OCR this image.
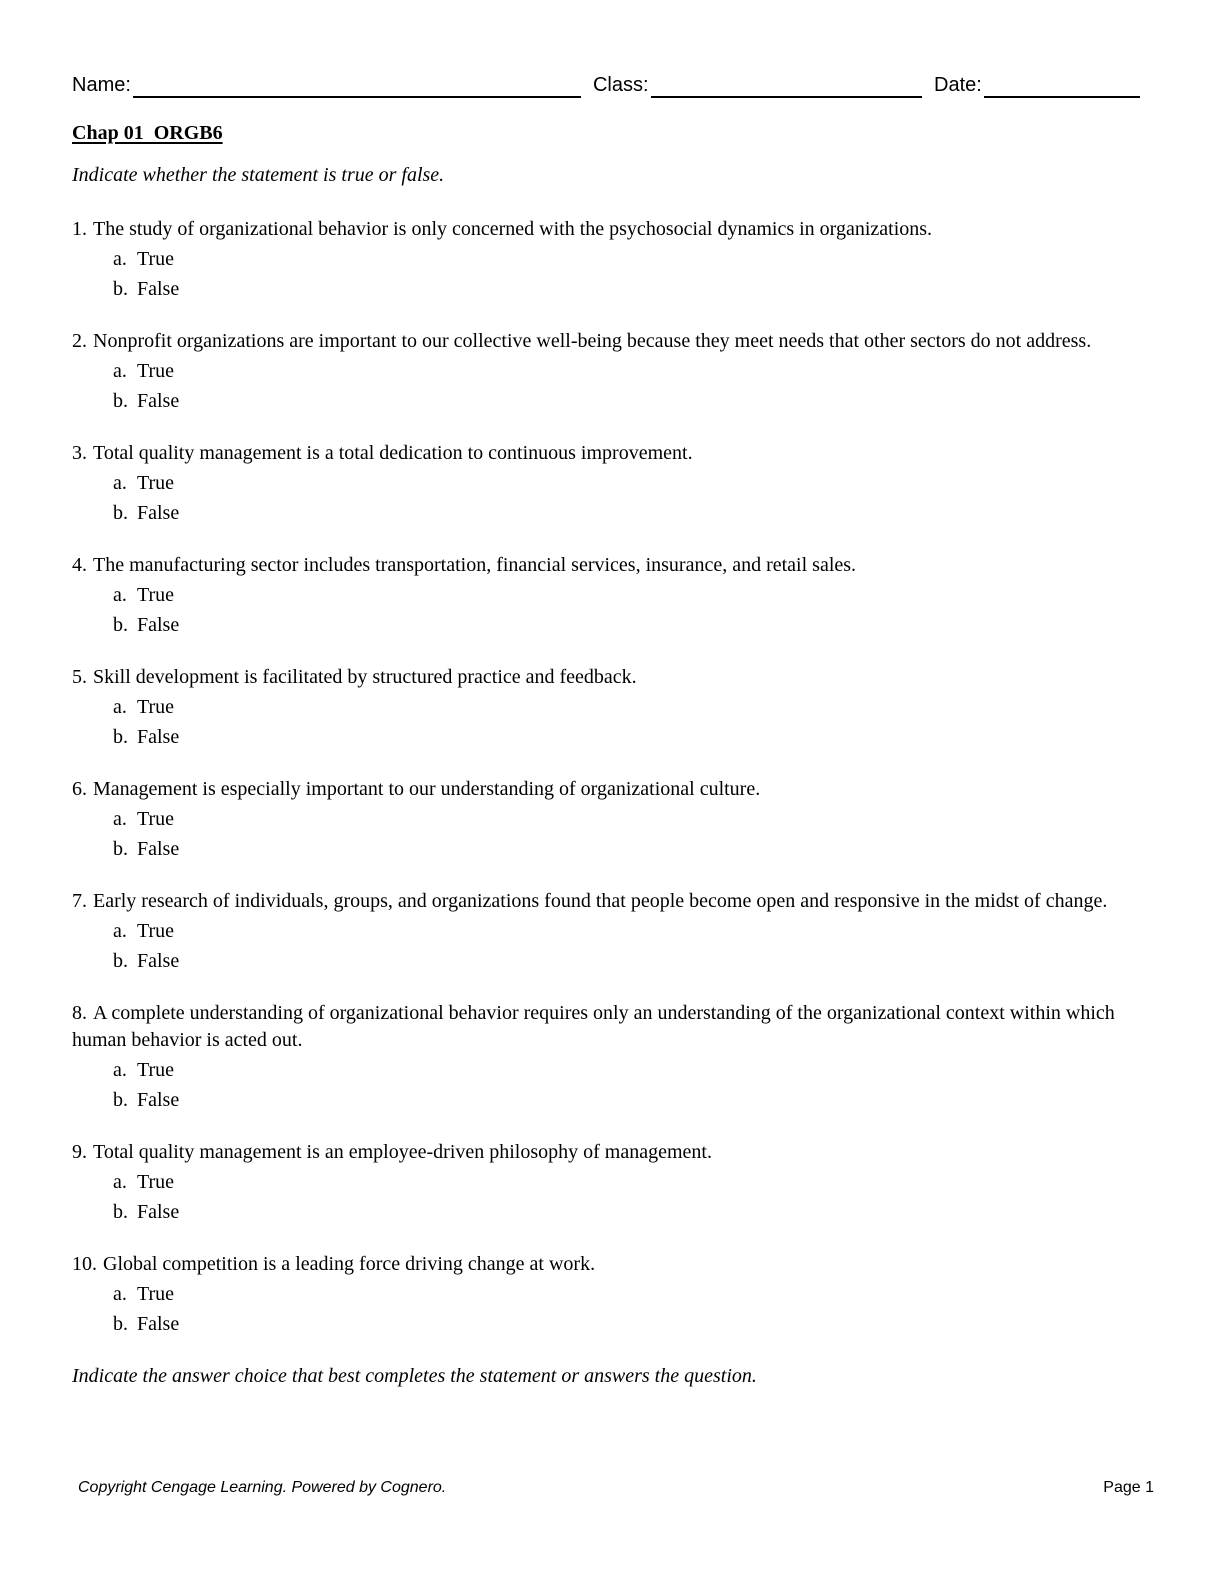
Name:	Class:	Date:
Chap 01  ORGB6

Indicate whether the statement is true or false.

1. The study of organizational behavior is only concerned with the psychosocial dynamics in organizations.

a. True

b. False

2. Nonprofit organizations are important to our collective well-being because they meet needs that other sectors do not address.

a. True

b. False

3. Total quality management is a total dedication to continuous improvement.

a. True

b. False

4. The manufacturing sector includes transportation, financial services, insurance, and retail sales.

a. True

b. False

5. Skill development is facilitated by structured practice and feedback.

a. True

b. False

6. Management is especially important to our understanding of organizational culture.

a. True

b. False

7. Early research of individuals, groups, and organizations found that people become open and responsive in the midst of change.

a. True

b. False

8. A complete understanding of organizational behavior requires only an understanding of the organizational context within which human behavior is acted out.

a. True

b. False

9. Total quality management is an employee-driven philosophy of management.

a. True

b. False

10. Global competition is a leading force driving change at work.

a. True

b. False

Indicate the answer choice that best completes the statement or answers the question.

Copyright Cengage Learning. Powered by Cognero.	Page 1
